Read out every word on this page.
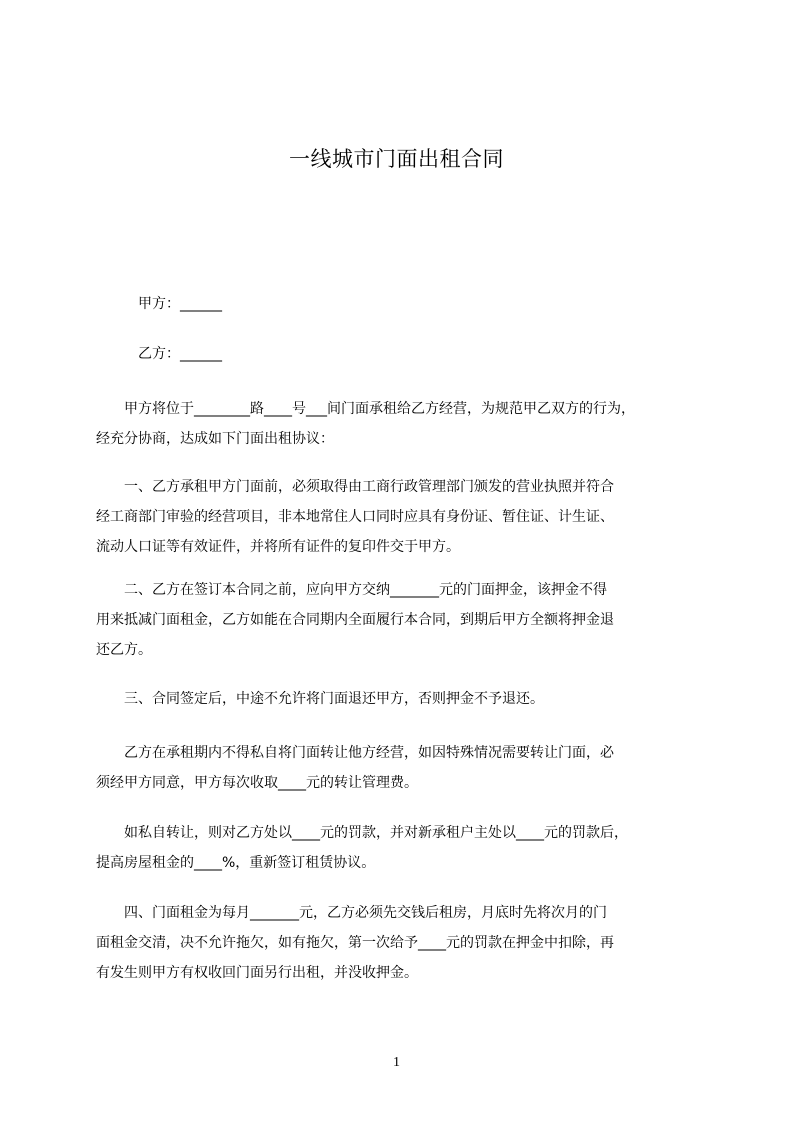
一线城市门面出租合同
甲方：______
乙方：______
　　甲方将位于________路____号___间门面承租给乙方经营，为规范甲乙双方的行为，
经充分协商，达成如下门面出租协议：
　　一、乙方承租甲方门面前，必须取得由工商行政管理部门颁发的营业执照并符合
经工商部门审验的经营项目，非本地常住人口同时应具有身份证、暂住证、计生证、
流动人口证等有效证件，并将所有证件的复印件交于甲方。
　　二、乙方在签订本合同之前，应向甲方交纳_______元的门面押金，该押金不得
用来抵减门面租金，乙方如能在合同期内全面履行本合同，到期后甲方全额将押金退
还乙方。
　　三、合同签定后，中途不允许将门面退还甲方，否则押金不予退还。
　　乙方在承租期内不得私自将门面转让他方经营，如因特殊情况需要转让门面，必
须经甲方同意，甲方每次收取____元的转让管理费。
　　如私自转让，则对乙方处以____元的罚款，并对新承租户主处以____元的罚款后，
提高房屋租金的____%，重新签订租赁协议。
　　四、门面租金为每月_______元，乙方必须先交钱后租房，月底时先将次月的门
面租金交清，决不允许拖欠，如有拖欠，第一次给予____元的罚款在押金中扣除，再
有发生则甲方有权收回门面另行出租，并没收押金。
1
